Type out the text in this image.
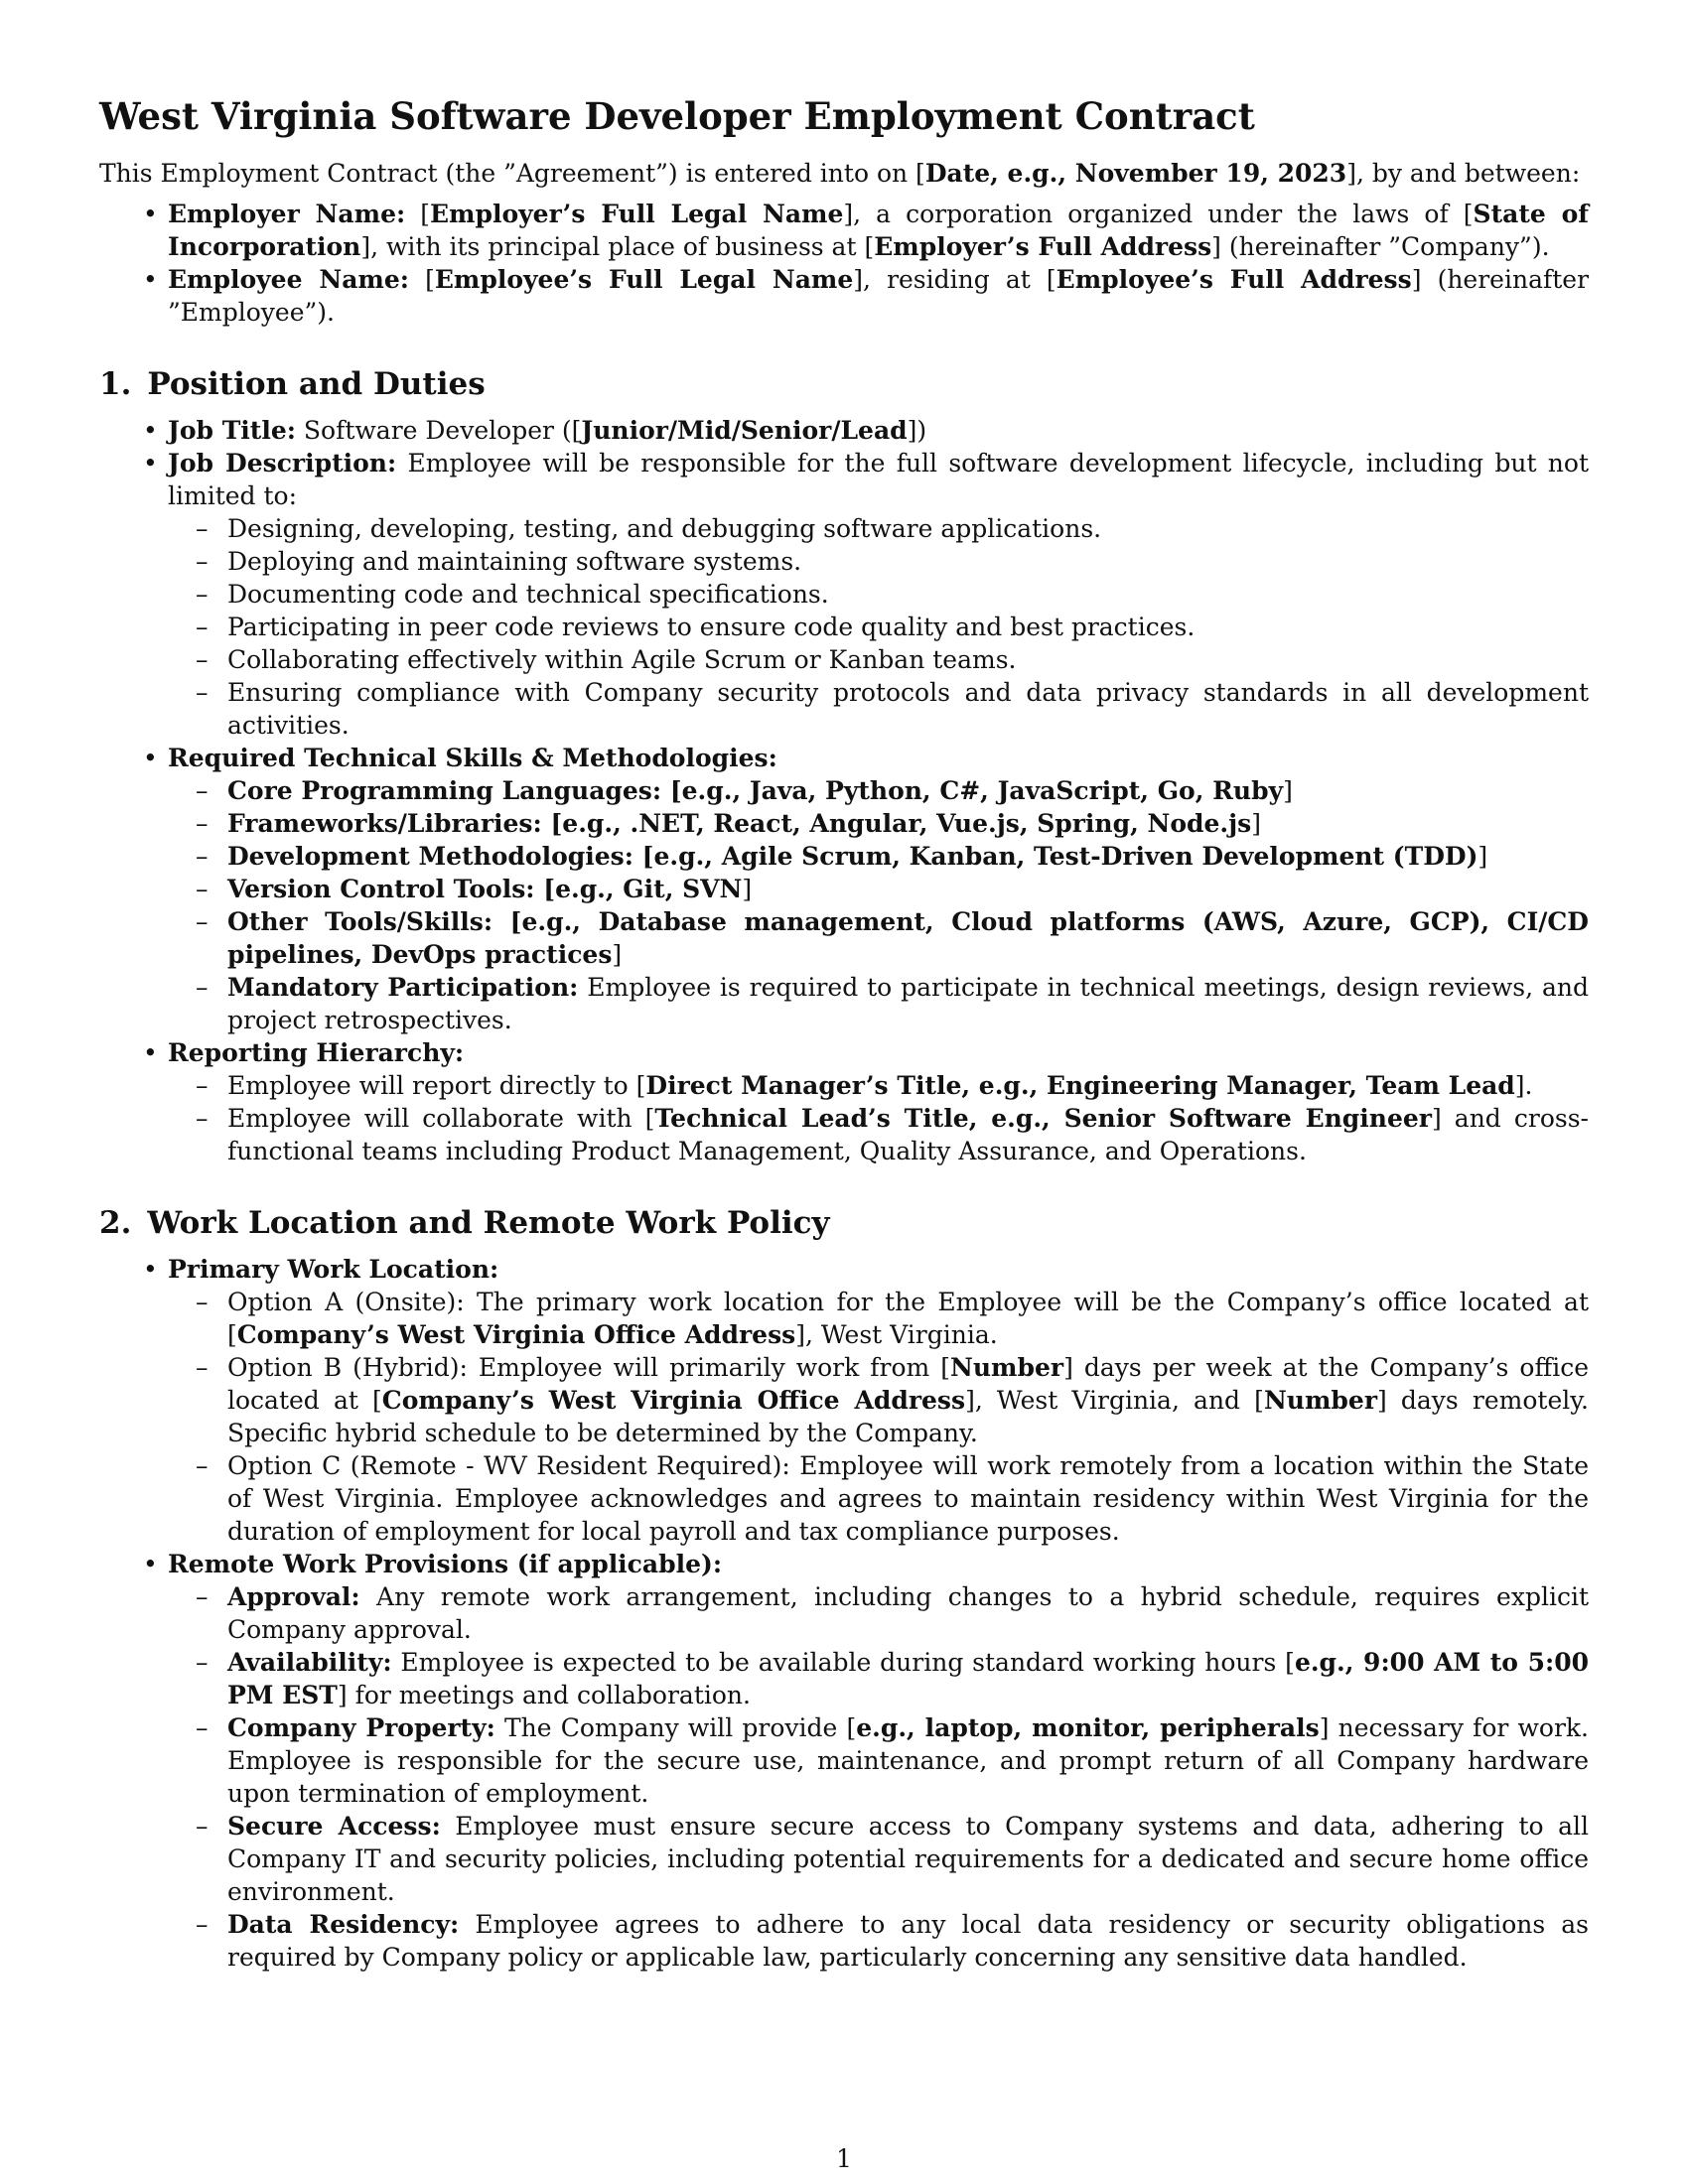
West Virginia Software Developer Employment Contract

This Employment Contract (the ”Agreement”) is entered into on [Date, e.g., November 19, 2023], by and between:

• Employer Name: [Employer’s Full Legal Name], a corporation organized under the laws of [State of Incorporation], with its principal place of business at [Employer’s Full Address] (hereinafter ”Company”).
• Employee Name: [Employee’s Full Legal Name], residing at [Employee’s Full Address] (hereinafter ”Employee”).
1. Position and Duties
• Job Title: Software Developer ([Junior/Mid/Senior/Lead])
• Job Description: Employee will be responsible for the full software development lifecycle, including but not limited to:
– Designing, developing, testing, and debugging software applications.
– Deploying and maintaining software systems.
– Documenting code and technical specifications.
– Participating in peer code reviews to ensure code quality and best practices.
– Collaborating effectively within Agile Scrum or Kanban teams.
– Ensuring compliance with Company security protocols and data privacy standards in all development activities.
• Required Technical Skills & Methodologies:
– Core Programming Languages: [e.g., Java, Python, C#, JavaScript, Go, Ruby]
– Frameworks/Libraries: [e.g., .NET, React, Angular, Vue.js, Spring, Node.js]
– Development Methodologies: [e.g., Agile Scrum, Kanban, Test-Driven Development (TDD)]
– Version Control Tools: [e.g., Git, SVN]
– Other Tools/Skills: [e.g., Database management, Cloud platforms (AWS, Azure, GCP), CI/CD pipelines, DevOps practices]
– Mandatory Participation: Employee is required to participate in technical meetings, design reviews, and project retrospectives.
• Reporting Hierarchy:
– Employee will report directly to [Direct Manager’s Title, e.g., Engineering Manager, Team Lead].
– Employee will collaborate with [Technical Lead’s Title, e.g., Senior Software Engineer] and cross-functional teams including Product Management, Quality Assurance, and Operations.
2. Work Location and Remote Work Policy
• Primary Work Location:
– Option A (Onsite): The primary work location for the Employee will be the Company’s office located at [Company’s West Virginia Office Address], West Virginia.
– Option B (Hybrid): Employee will primarily work from [Number] days per week at the Company’s office located at [Company’s West Virginia Office Address], West Virginia, and [Number] days remotely. Specific hybrid schedule to be determined by the Company.
– Option C (Remote - WV Resident Required): Employee will work remotely from a location within the State of West Virginia. Employee acknowledges and agrees to maintain residency within West Virginia for the duration of employment for local payroll and tax compliance purposes.
• Remote Work Provisions (if applicable):
– Approval: Any remote work arrangement, including changes to a hybrid schedule, requires explicit Company approval.
– Availability: Employee is expected to be available during standard working hours [e.g., 9:00 AM to 5:00 PM EST] for meetings and collaboration.
– Company Property: The Company will provide [e.g., laptop, monitor, peripherals] necessary for work. Employee is responsible for the secure use, maintenance, and prompt return of all Company hardware upon termination of employment.
– Secure Access: Employee must ensure secure access to Company systems and data, adhering to all Company IT and security policies, including potential requirements for a dedicated and secure home office environment.
– Data Residency: Employee agrees to adhere to any local data residency or security obligations as required by Company policy or applicable law, particularly concerning any sensitive data handled.
1
